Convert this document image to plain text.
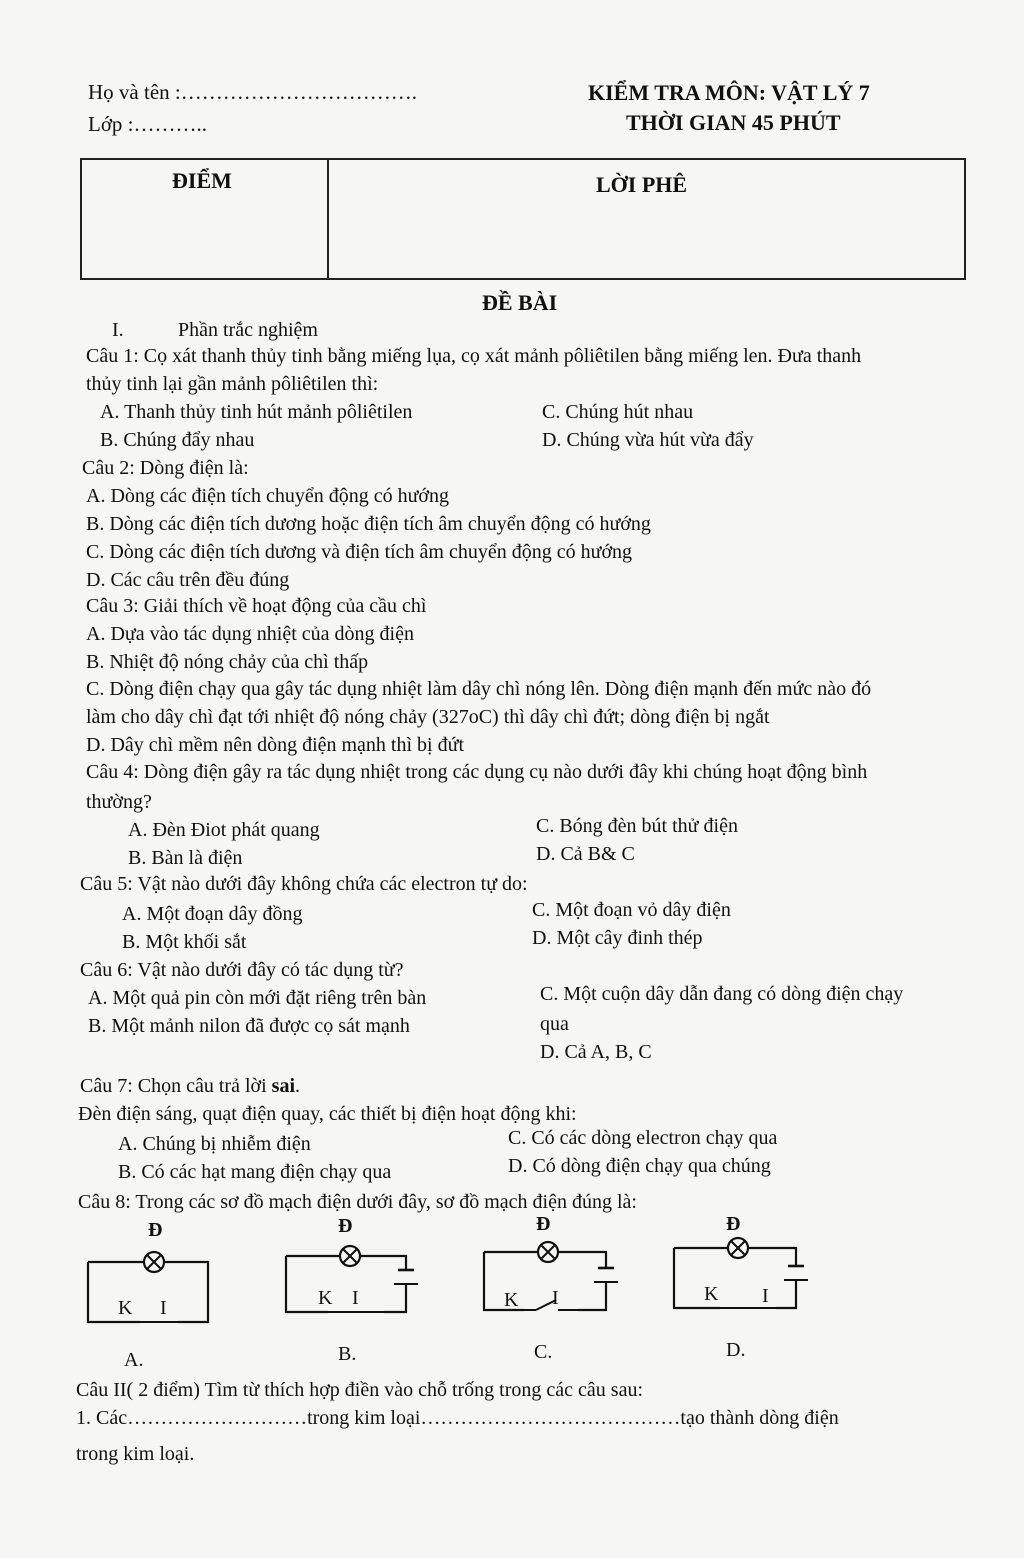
Họ và tên :…………………………….
Lớp :………..
KIỂM TRA MÔN: VẬT LÝ 7
THỜI GIAN 45 PHÚT
ĐIỂM	LỜI PHÊ
ĐỀ BÀI
I.	Phần trắc nghiệm
Câu 1: Cọ xát thanh thủy tinh bằng miếng lụa, cọ xát mảnh pôliêtilen bằng miếng len. Đưa thanh
thủy tinh lại gần mảnh pôliêtilen thì:
A. Thanh thủy tinh hút mảnh pôliêtilen
B. Chúng đẩy nhau
C. Chúng hút nhau
D. Chúng vừa hút vừa đẩy
Câu 2: Dòng điện là:
A. Dòng các điện tích chuyển động có hướng
B. Dòng các điện tích dương hoặc điện tích âm chuyển động có hướng
C. Dòng các điện tích dương và điện tích âm chuyển động có hướng
D. Các câu trên đều đúng
Câu 3: Giải thích về hoạt động của cầu chì
A. Dựa vào tác dụng nhiệt của dòng điện
B. Nhiệt độ nóng chảy của chì thấp
C. Dòng điện chạy qua gây tác dụng nhiệt làm dây chì nóng lên. Dòng điện mạnh đến mức nào đó
làm cho dây chì đạt tới nhiệt độ nóng chảy (327oC) thì dây chì đứt; dòng điện bị ngắt
D. Dây chì mềm nên dòng điện mạnh thì bị đứt
Câu 4: Dòng điện gây ra tác dụng nhiệt trong các dụng cụ nào dưới đây khi chúng hoạt động bình
thường?
A. Đèn Điot phát quang
B. Bàn là điện
C. Bóng đèn bút thử điện
D. Cả B& C
Câu 5: Vật nào dưới đây không chứa các electron tự do:
A. Một đoạn dây đồng
B. Một khối sắt
C. Một đoạn vỏ dây điện
D. Một cây đinh thép
Câu 6: Vật nào dưới đây có tác dụng từ?
A. Một quả pin còn mới đặt riêng trên bàn
B. Một mảnh nilon đã được cọ sát mạnh
C. Một cuộn dây dẫn đang có dòng điện chạy
qua
D. Cả A, B, C
Câu 7: Chọn câu trả lời sai.
Đèn điện sáng, quạt điện quay, các thiết bị điện hoạt động khi:
A. Chúng bị nhiễm điện
B. Có các hạt mang điện chạy qua
C. Có các dòng electron chạy qua
D. Có dòng điện chạy qua chúng
Câu 8: Trong các sơ đồ mạch điện dưới đây, sơ đồ mạch điện đúng là:
Đ
K I
A.
Đ
K I
B.
Đ
K I
C.
Đ
K I
D.
Câu II( 2 điểm) Tìm từ thích hợp điền vào chỗ trống trong các câu sau:
1. Các………………………trong kim loại…………………………………tạo thành dòng điện
trong kim loại.
